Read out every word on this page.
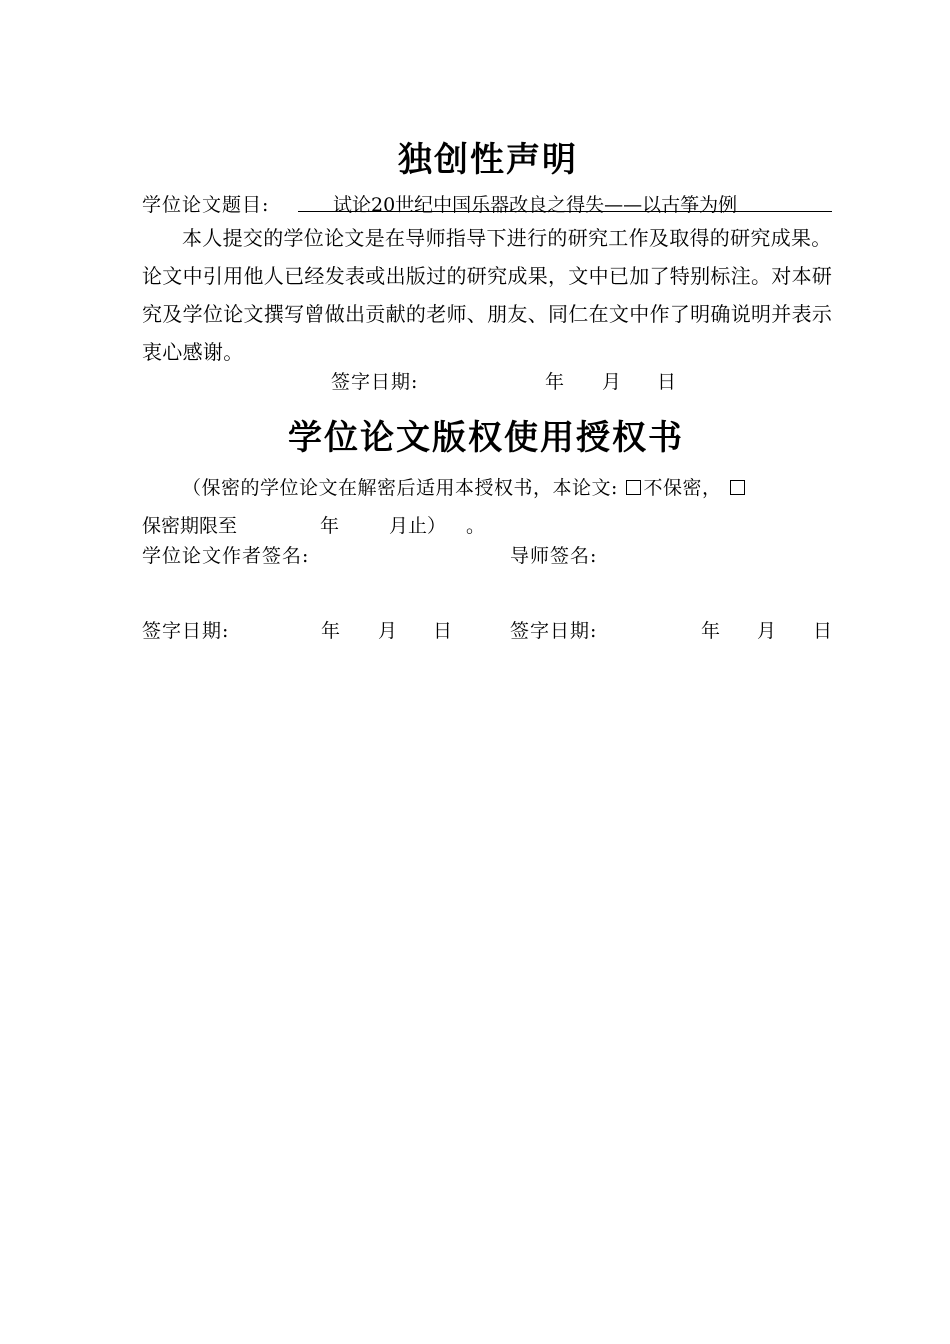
独创性声明
学位论文题目:	试论20世纪中国乐器改良之得失——以古筝为例
本人提交的学位论文是在导师指导下进行的研究工作及取得的研究成果。论文中引用他人已经发表或出版过的研究成果，文中已加了特别标注。对本研究及学位论文撰写曾做出贡献的老师、朋友、同仁在文中作了明确说明并表示衷心感谢。
签字日期:	年 月 日
学位论文版权使用授权书
（保密的学位论文在解密后适用本授权书，本论文: 不保密，
保密期限至	年	月止） 。
学位论文作者签名:	导师签名:
签字日期:	年 月 日	签字日期:	年 月 日
